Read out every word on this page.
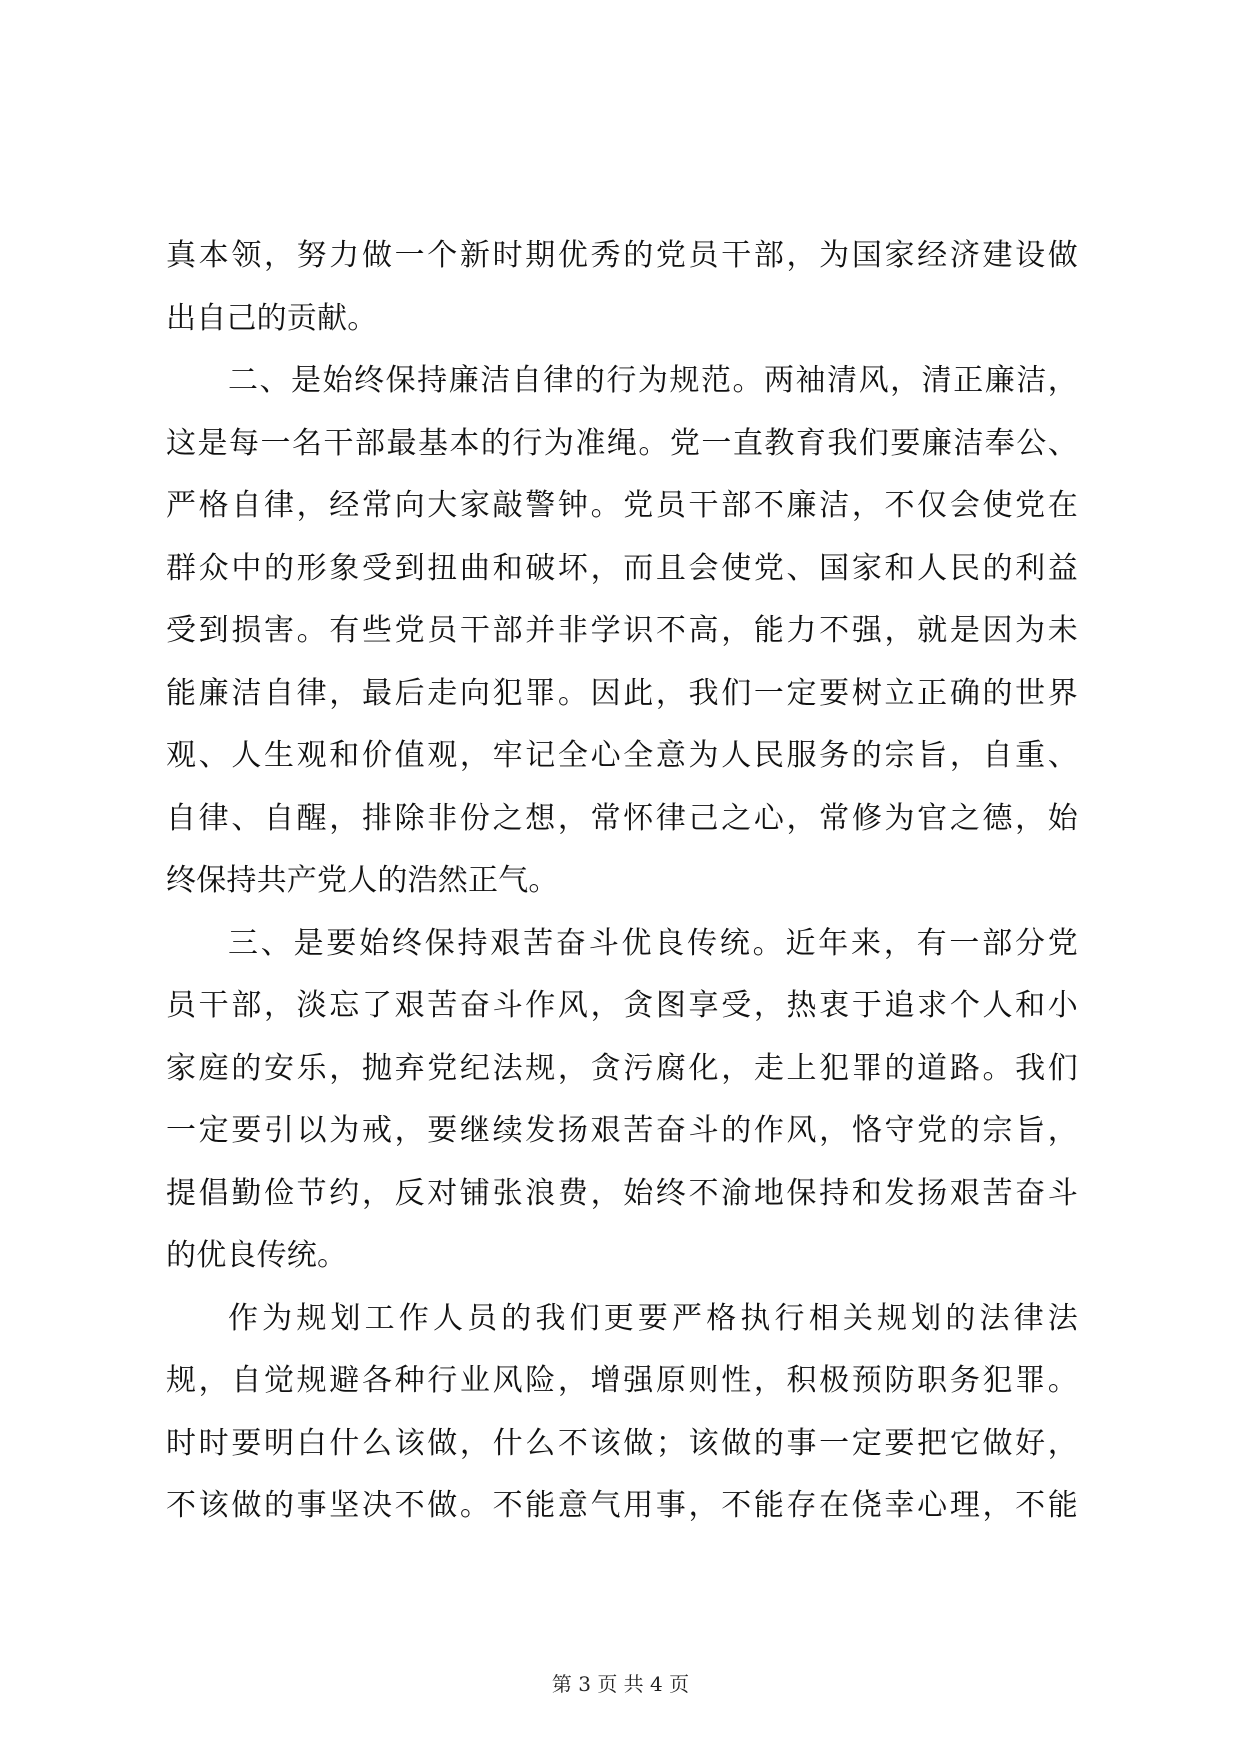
真本领，努力做一个新时期优秀的党员干部，为国家经济建设做
出自己的贡献。
二、是始终保持廉洁自律的行为规范。两袖清风，清正廉洁，
这是每一名干部最基本的行为准绳。党一直教育我们要廉洁奉公、
严格自律，经常向大家敲警钟。党员干部不廉洁，不仅会使党在
群众中的形象受到扭曲和破坏，而且会使党、国家和人民的利益
受到损害。有些党员干部并非学识不高，能力不强，就是因为未
能廉洁自律，最后走向犯罪。因此，我们一定要树立正确的世界
观、人生观和价值观，牢记全心全意为人民服务的宗旨，自重、
自律、自醒，排除非份之想，常怀律己之心，常修为官之德，始
终保持共产党人的浩然正气。
三、是要始终保持艰苦奋斗优良传统。近年来，有一部分党
员干部，淡忘了艰苦奋斗作风，贪图享受，热衷于追求个人和小
家庭的安乐，抛弃党纪法规，贪污腐化，走上犯罪的道路。我们
一定要引以为戒，要继续发扬艰苦奋斗的作风，恪守党的宗旨，
提倡勤俭节约，反对铺张浪费，始终不渝地保持和发扬艰苦奋斗
的优良传统。
作为规划工作人员的我们更要严格执行相关规划的法律法
规，自觉规避各种行业风险，增强原则性，积极预防职务犯罪。
时时要明白什么该做，什么不该做；该做的事一定要把它做好，
不该做的事坚决不做。不能意气用事，不能存在侥幸心理，不能
第 3 页 共 4 页
